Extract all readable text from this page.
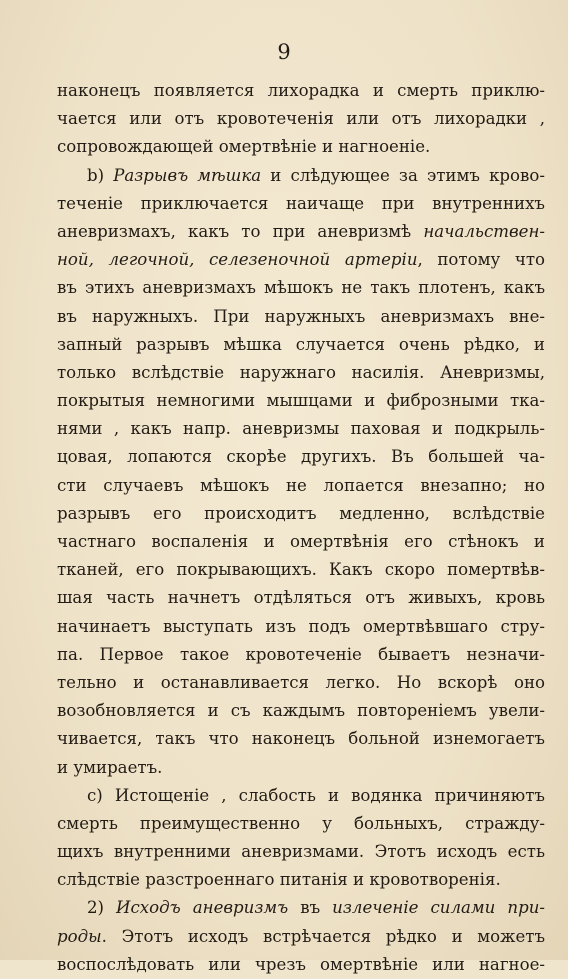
9
наконецъ появляется лихорадка и смерть приклю-
чается или отъ кровотеченія или отъ лихорадки ,
сопровождающей омертвѣніе и нагноеніе.
b) Разрывъ мѣшка и слѣдующее за этимъ крово-
теченіе приключается наичаще при внутреннихъ
аневризмахъ, какъ то при аневризмѣ начальствен-
ной, легочной, селезеночной артеріи, потому что
въ этихъ аневризмахъ мѣшокъ не такъ плотенъ, какъ
въ наружныхъ. При наружныхъ аневризмахъ вне-
запный разрывъ мѣшка случается очень рѣдко, и
только вслѣдствіе наружнаго насилія. Аневризмы,
покрытыя немногими мышцами и фиброзными тка-
нями , какъ напр. аневризмы паховая и подкрыль-
цовая, лопаются скорѣе другихъ. Въ большей ча-
сти случаевъ мѣшокъ не лопается внезапно; но
разрывъ его происходитъ медленно, вслѣдствіе
частнаго воспаленія и омертвѣнія его стѣнокъ и
тканей, его покрывающихъ. Какъ скоро помертвѣв-
шая часть начнетъ отдѣляться отъ живыхъ, кровь
начинаетъ выступать изъ подъ омертвѣвшаго стру-
па. Первое такое кровотеченіе бываетъ незначи-
тельно и останавливается легко. Но вскорѣ оно
возобновляется и съ каждымъ повтореніемъ увели-
чивается, такъ что наконецъ больной изнемогаетъ
и умираетъ.
c) Истощеніе , слабость и водянка причиняютъ
смерть преимущественно у больныхъ, стражду-
щихъ внутренними аневризмами. Этотъ исходъ есть
слѣдствіе разстроеннаго питанія и кровотворенія.
2) Исходъ аневризмъ въ излеченіе силами при-
роды. Этотъ исходъ встрѣчается рѣдко и можетъ
воспослѣдовать или чрезъ омертвѣніе или нагное-
